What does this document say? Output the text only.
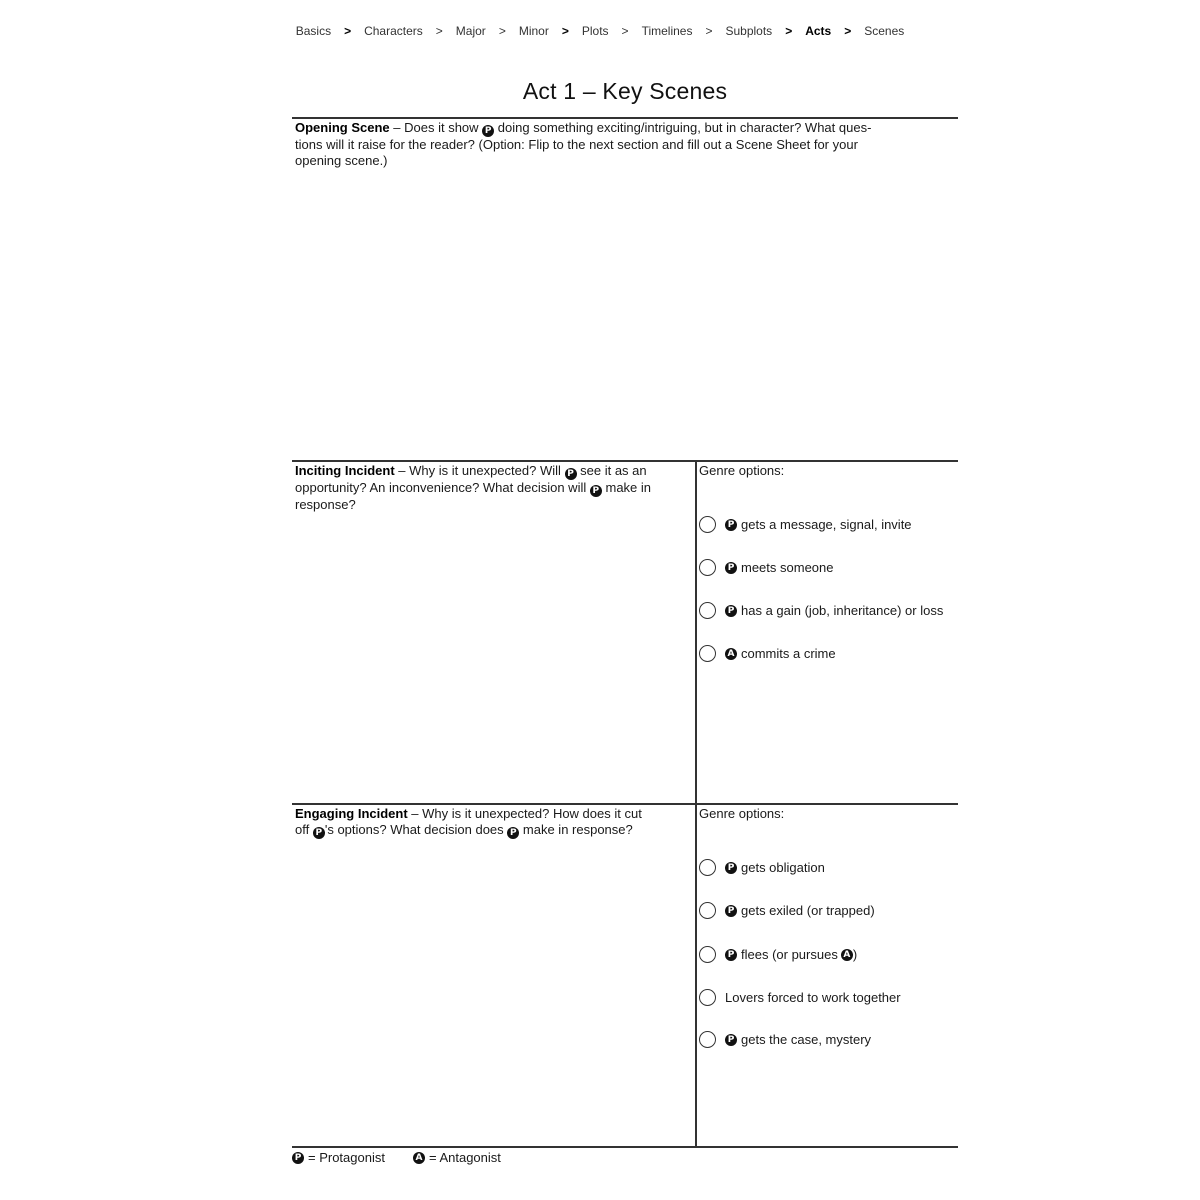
Basics	>	Characters	>	Major	>	Minor	>	Plots	>	Timelines	>	Subplots	>	Acts	>	Scenes
Act 1 – Key Scenes
Opening Scene – Does it show P doing something exciting/intriguing, but in character? What ques-
tions will it raise for the reader? (Option: Flip to the next section and fill out a Scene Sheet for your
opening scene.)
Inciting Incident – Why is it unexpected? Will P see it as an
opportunity? An inconvenience? What decision will P make in
response?
Genre options:
P gets a message, signal, invite
P meets someone
P has a gain (job, inheritance) or loss
A commits a crime
Engaging Incident – Why is it unexpected? How does it cut
off P 's options? What decision does P make in response?
Genre options:
P gets obligation
P gets exiled (or trapped)
P flees (or pursues A )
Lovers forced to work together
P gets the case, mystery
P = Protagonist	A = Antagonist
